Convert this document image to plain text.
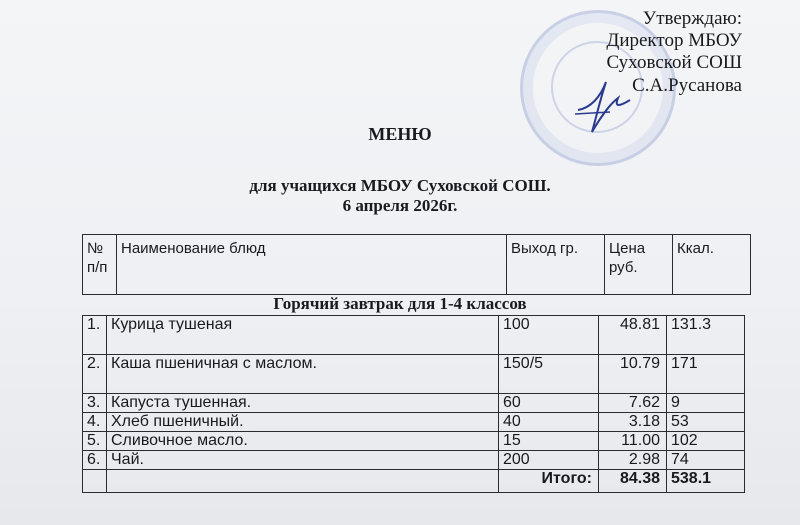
Утверждаю:
Директор МБОУ
Суховской СОШ
С.А.Русанова
МЕНЮ
для учащихся МБОУ Суховской СОШ.
6 апреля 2026г.
№ п/п	Наименование блюд	Выход гр.	Цена руб.	Ккал.
Горячий завтрак для 1-4 классов
1.	Курица тушеная	100	48.81	131.3
2.	Каша пшеничная с маслом.	150/5	10.79	171
3.	Капуста тушенная.	60	7.62	9
4.	Хлеб пшеничный.	40	3.18	53
5.	Сливочное масло.	15	11.00	102
6.	Чай.	200	2.98	74
		Итого:	84.38	538.1
